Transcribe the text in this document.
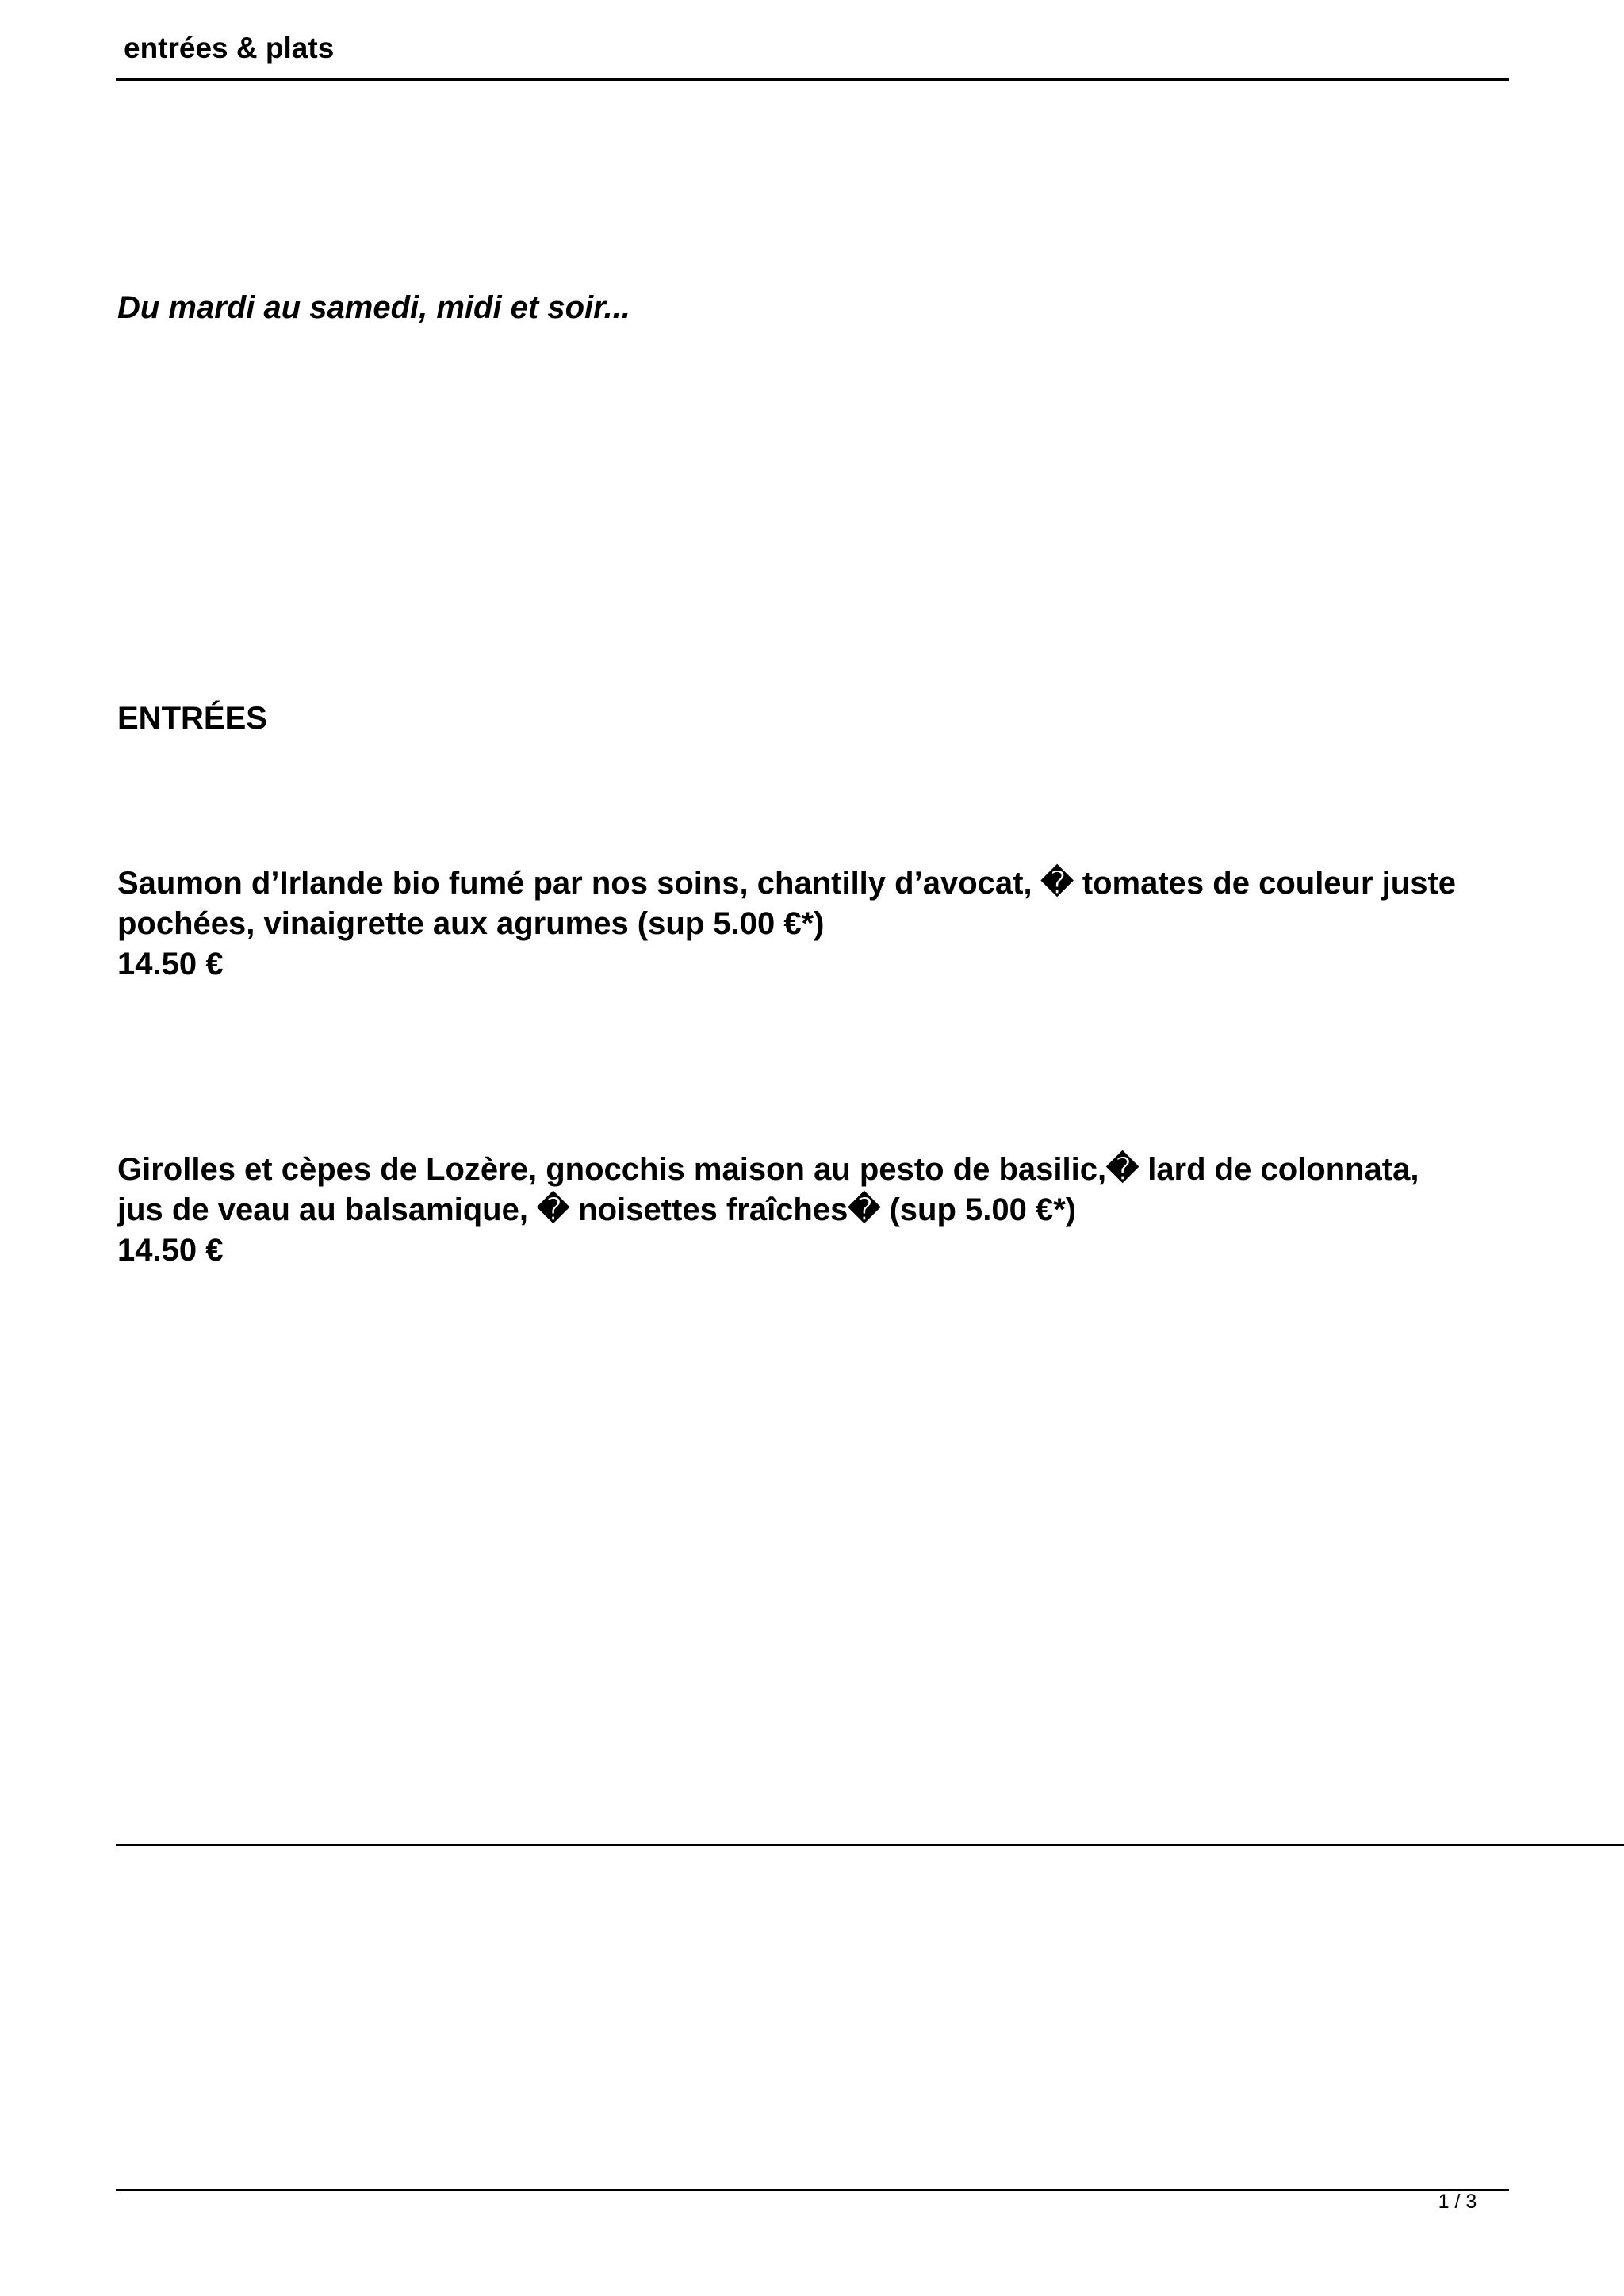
entrées & plats
Du mardi au samedi, midi et soir...
ENTRÉES
Saumon d’Irlande bio fumé par nos soins, chantilly d’avocat, � tomates de couleur juste
pochées, vinaigrette aux agrumes (sup 5.00 €*)
14.50 €
Girolles et cèpes de Lozère, gnocchis maison au pesto de basilic,� lard de colonnata,
jus de veau au balsamique, � noisettes fraîches� (sup 5.00 €*)
14.50 €
1 / 3
